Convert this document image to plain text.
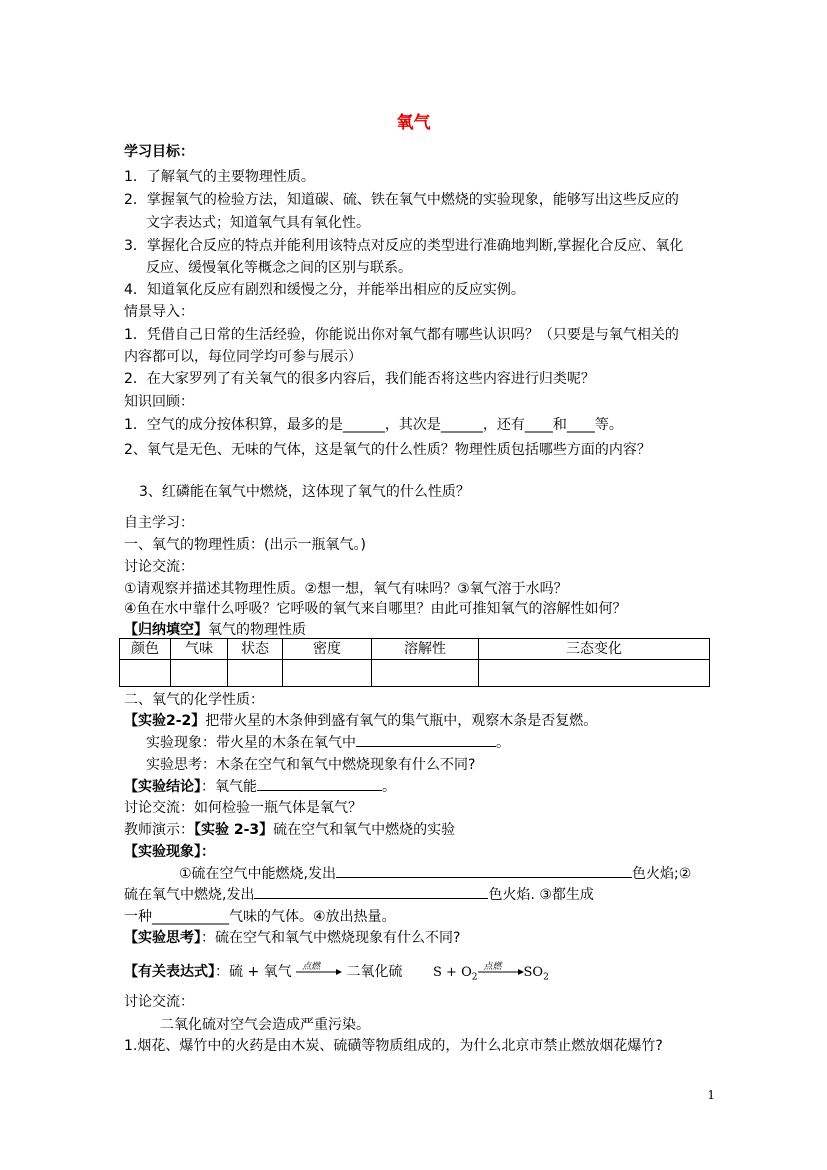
氧气
学习目标：
1．了解氧气的主要物理性质。
2．掌握氧气的检验方法，知道碳、硫、铁在氧气中燃烧的实验现象，能够写出这些反应的
文字表达式；知道氧气具有氧化性。
3．掌握化合反应的特点并能利用该特点对反应的类型进行准确地判断,掌握化合反应、氧化
反应、缓慢氧化等概念之间的区别与联系。
4．知道氧化反应有剧烈和缓慢之分，并能举出相应的反应实例。
情景导入：
1．凭借自己日常的生活经验，你能说出你对氧气都有哪些认识吗？（只要是与氧气相关的
内容都可以，每位同学均可参与展示）
2．在大家罗列了有关氧气的很多内容后，我们能否将这些内容进行归类呢？
知识回顾：
1．空气的成分按体积算，最多的是______，其次是______，还有____和____等。
2、氧气是无色、无味的气体，这是氧气的什么性质？物理性质包括哪些方面的内容？
3、红磷能在氧气中燃烧，这体现了氧气的什么性质？
自主学习：
一、氧气的物理性质：(出示一瓶氧气。)
讨论交流：
①请观察并描述其物理性质。②想一想，氧气有味吗？③氧气溶于水吗？
④鱼在水中靠什么呼吸？它呼吸的氧气来自哪里？由此可推知氧气的溶解性如何？
【归纳填空】氧气的物理性质
颜色	气味	状态	密度	溶解性	三态变化

二、氧气的化学性质：
【实验2-2】把带火星的木条伸到盛有氧气的集气瓶中，观察木条是否复燃。
实验现象：带火星的木条在氧气中	。
实验思考：木条在空气和氧气中燃烧现象有什么不同?
【实验结论】：氧气能	。
讨论交流：如何检验一瓶气体是氧气？
教师演示：【实验 2-3】硫在空气和氧气中燃烧的实验
【实验现象】：
①硫在空气中能燃烧,发出	色火焰;②
硫在氧气中燃烧,发出	色火焰. ③都生成
一种___________气味的气体。④放出热量。
【实验思考】：硫在空气和氧气中燃烧现象有什么不同?
【有关表达式】：硫 + 氧气 点燃 二氧化硫 $S + O_2$
点燃 $SO_2$
讨论交流：
二氧化硫对空气会造成严重污染。
1.烟花、爆竹中的火药是由木炭、硫磺等物质组成的，为什么北京市禁止燃放烟花爆竹?
1
